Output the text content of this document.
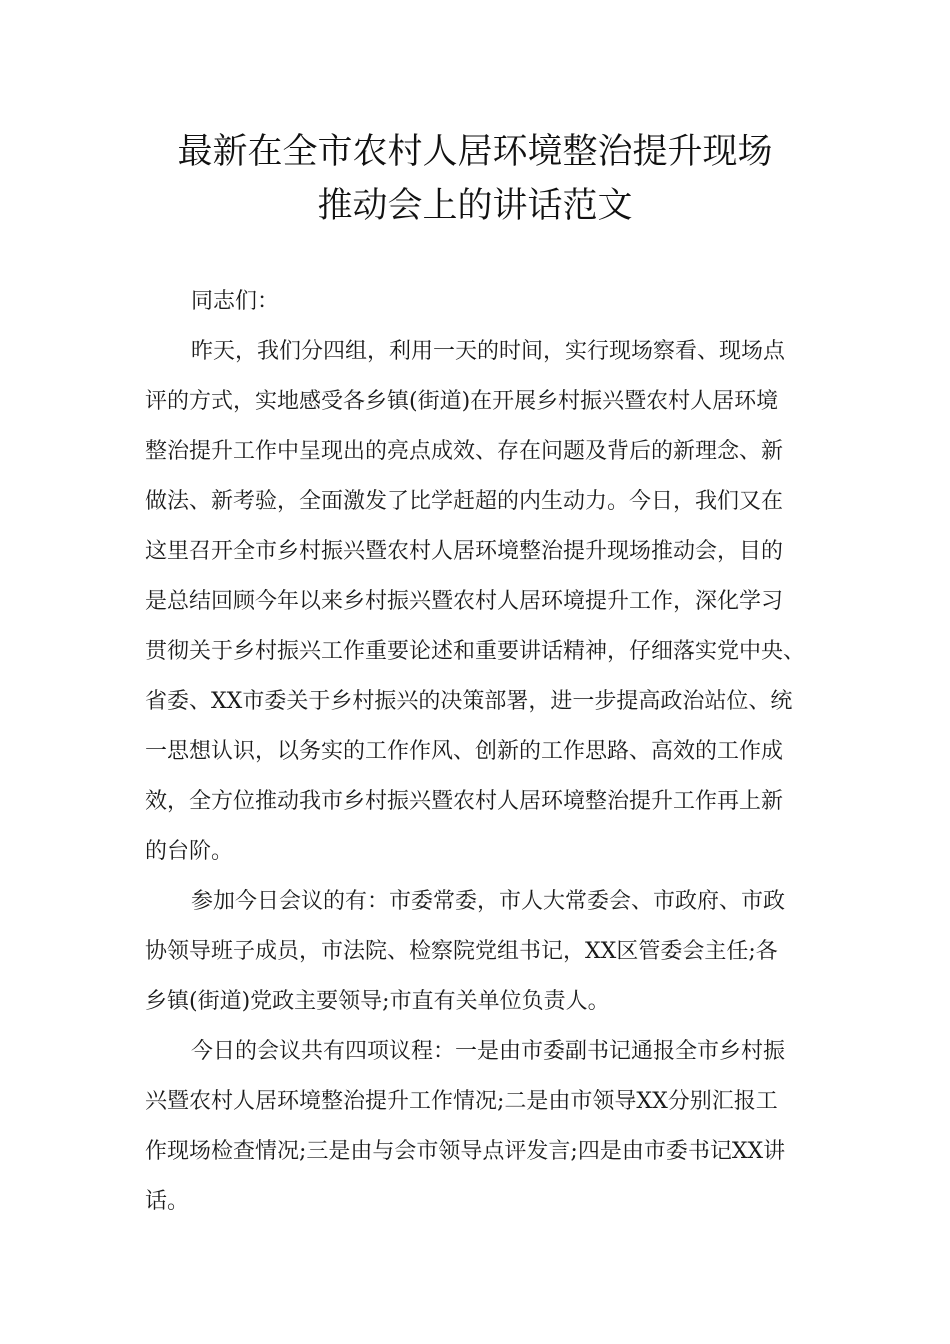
最新在全市农村人居环境整治提升现场
推动会上的讲话范文
同志们：
昨天，我们分四组，利用一天的时间，实行现场察看、现场点
评的方式，实地感受各乡镇(街道)在开展乡村振兴暨农村人居环境
整治提升工作中呈现出的亮点成效、存在问题及背后的新理念、新
做法、新考验，全面激发了比学赶超的内生动力。今日，我们又在
这里召开全市乡村振兴暨农村人居环境整治提升现场推动会，目的
是总结回顾今年以来乡村振兴暨农村人居环境提升工作，深化学习
贯彻关于乡村振兴工作重要论述和重要讲话精神，仔细落实党中央、
省委、XX市委关于乡村振兴的决策部署，进一步提高政治站位、统
一思想认识，以务实的工作作风、创新的工作思路、高效的工作成
效，全方位推动我市乡村振兴暨农村人居环境整治提升工作再上新
的台阶。
参加今日会议的有：市委常委，市人大常委会、市政府、市政
协领导班子成员，市法院、检察院党组书记，XX区管委会主任;各
乡镇(街道)党政主要领导;市直有关单位负责人。
今日的会议共有四项议程：一是由市委副书记通报全市乡村振
兴暨农村人居环境整治提升工作情况;二是由市领导XX分别汇报工
作现场检查情况;三是由与会市领导点评发言;四是由市委书记XX讲
话。
